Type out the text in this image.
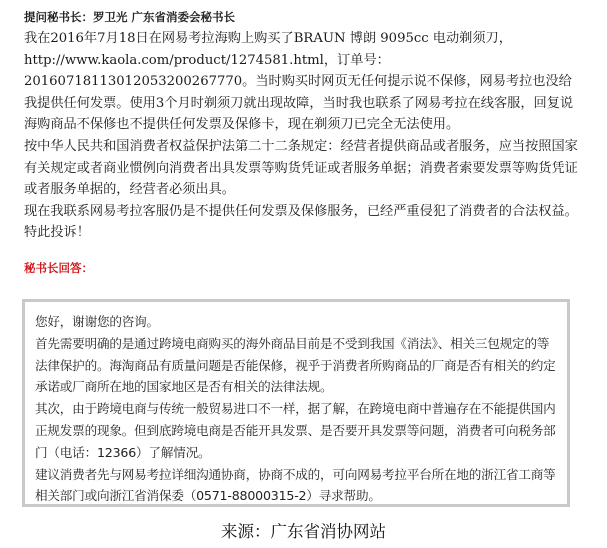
提问秘书长：罗卫光 广东省消委会秘书长

我在2016年7月18日在网易考拉海购上购买了BRAUN 博朗 9095cc 电动剃须刀，http://www.kaola.com/product/1274581.html，订单号：20160718113012053200267770。当时购买时网页无任何提示说不保修，网易考拉也没给我提供任何发票。使用3个月时剃须刀就出现故障，当时我也联系了网易考拉在线客服，回复说海购商品不保修也不提供任何发票及保修卡，现在剃须刀已完全无法使用。

按中华人民共和国消费者权益保护法第二十二条规定：经营者提供商品或者服务，应当按照国家有关规定或者商业惯例向消费者出具发票等购货凭证或者服务单据；消费者索要发票等购货凭证或者服务单据的，经营者必须出具。

现在我联系网易考拉客服仍是不提供任何发票及保修服务，已经严重侵犯了消费者的合法权益。

特此投诉！

秘书长回答：

您好，谢谢您的咨询。

首先需要明确的是通过跨境电商购买的海外商品目前是不受到我国《消法》、相关三包规定的等法律保护的。海淘商品有质量问题是否能保修，视乎于消费者所购商品的厂商是否有相关的约定承诺或厂商所在地的国家地区是否有相关的法律法规。

其次，由于跨境电商与传统一般贸易进口不一样，据了解，在跨境电商中普遍存在不能提供国内正规发票的现象。但到底跨境电商是否能开具发票、是否要开具发票等问题，消费者可向税务部门（电话：12366）了解情况。

建议消费者先与网易考拉详细沟通协商，协商不成的，可向网易考拉平台所在地的浙江省工商等相关部门或向浙江省消保委（0571-88000315-2）寻求帮助。

来源：广东省消协网站
